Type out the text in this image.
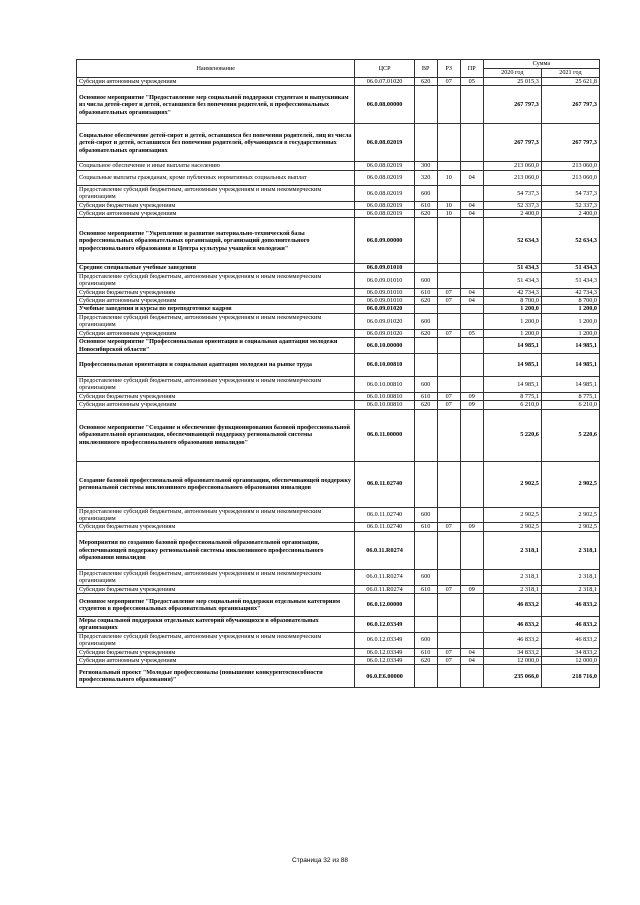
Наименование	ЦСР	ВР	РЗ	ПР	Сумма	
					2020 год	2021 год
Субсидии автономным учреждениям	06.0.07.01020	620	07	05	25 015,3	25 621,8
Основное мероприятие "Предоставление мер социальной поддержки студентам и выпускникам из числа детей-сирот и детей, оставшихся без попечения родителей, в профессиональных образовательных организациях"	06.0.08.00000				267 797,3	267 797,3
Социальное обеспечение детей-сирот и детей, оставшихся без попечения родителей, лиц из числа детей-сирот и детей, оставшихся без попечения родителей, обучающихся в государственных образовательных организациях	06.0.08.02019				267 797,3	267 797,3
Социальное обеспечение и иные выплаты населению	06.0.08.02019	300			213 060,0	213 060,0
Социальные выплаты гражданам, кроме публичных нормативных социальных выплат	06.0.08.02019	320	10	04	213 060,0	213 060,0
Предоставление субсидий бюджетным, автономным учреждениям и иным некоммерческим организациям	06.0.08.02019	600			54 737,3	54 737,3
Субсидии бюджетным учреждениям	06.0.08.02019	610	10	04	52 337,3	52 337,3
Субсидии автономным учреждениям	06.0.08.02019	620	10	04	2 400,0	2 400,0
Основное мероприятие "Укрепление и развитие материально-технической базы профессиональных образовательных организаций, организаций дополнительного профессионального образования и Центра культуры учащейся молодежи"	06.0.09.00000				52 634,3	52 634,3
Средние специальные учебные заведения	06.0.09.01010				51 434,3	51 434,3
Предоставление субсидий бюджетным, автономным учреждениям и иным некоммерческим организациям	06.0.09.01010	600			51 434,3	51 434,3
Субсидии бюджетным учреждениям	06.0.09.01010	610	07	04	42 734,3	42 734,3
Субсидии автономным учреждениям	06.0.09.01010	620	07	04	8 700,0	8 700,0
Учебные заведения и курсы по переподготовке кадров	06.0.09.01020				1 200,0	1 200,0
Предоставление субсидий бюджетным, автономным учреждениям и иным некоммерческим организациям	06.0.09.01020	600			1 200,0	1 200,0
Субсидии автономным учреждениям	06.0.09.01020	620	07	05	1 200,0	1 200,0
Основное мероприятие "Профессиональная ориентация и социальная адаптация молодежи Новосибирской области"	06.0.10.00000				14 985,1	14 985,1
Профессиональная ориентация и социальная адаптация молодежи на рынке труда	06.0.10.00810				14 985,1	14 985,1
Предоставление субсидий бюджетным, автономным учреждениям и иным некоммерческим организациям	06.0.10.00810	600			14 985,1	14 985,1
Субсидии бюджетным учреждениям	06.0.10.00810	610	07	09	8 775,1	8 775,1
Субсидии автономным учреждениям	06.0.10.00810	620	07	09	6 210,0	6 210,0
Основное мероприятие "Создание и обеспечение функционирования базовой профессиональной образовательной организации, обеспечивающей поддержку региональной системы инклюзивного профессионального образования инвалидов"	06.0.11.00000				5 220,6	5 220,6
Создание базовой профессиональной образовательной организации, обеспечивающей поддержку региональной системы инклюзивного профессионального образования инвалидов	06.0.11.02740				2 902,5	2 902,5
Предоставление субсидий бюджетным, автономным учреждениям и иным некоммерческим организациям	06.0.11.02740	600			2 902,5	2 902,5
Субсидии бюджетным учреждениям	06.0.11.02740	610	07	09	2 902,5	2 902,5
Мероприятия по созданию базовой профессиональной образовательной организации, обеспечивающей поддержку региональной системы инклюзивного профессионального образования инвалидов	06.0.11.R0274				2 318,1	2 318,1
Предоставление субсидий бюджетным, автономным учреждениям и иным некоммерческим организациям	06.0.11.R0274	600			2 318,1	2 318,1
Субсидии бюджетным учреждениям	06.0.11.R0274	610	07	09	2 318,1	2 318,1
Основное мероприятие "Предоставление мер социальной поддержки отдельным категориям студентов в профессиональных образовательных организациях"	06.0.12.00000				46 833,2	46 833,2
Меры социальной поддержки отдельных категорий обучающихся в образовательных организациях	06.0.12.03349				46 833,2	46 833,2
Предоставление субсидий бюджетным, автономным учреждениям и иным некоммерческим организациям	06.0.12.03349	600			46 833,2	46 833,2
Субсидии бюджетным учреждениям	06.0.12.03349	610	07	04	34 833,2	34 833,2
Субсидии автономным учреждениям	06.0.12.03349	620	07	04	12 000,0	12 000,0
Региональный проект "Молодые профессионалы (повышение конкурентоспособности профессионального образования)"	06.0.E6.00000				235 066,0	218 716,0
Страница 32 из 88
